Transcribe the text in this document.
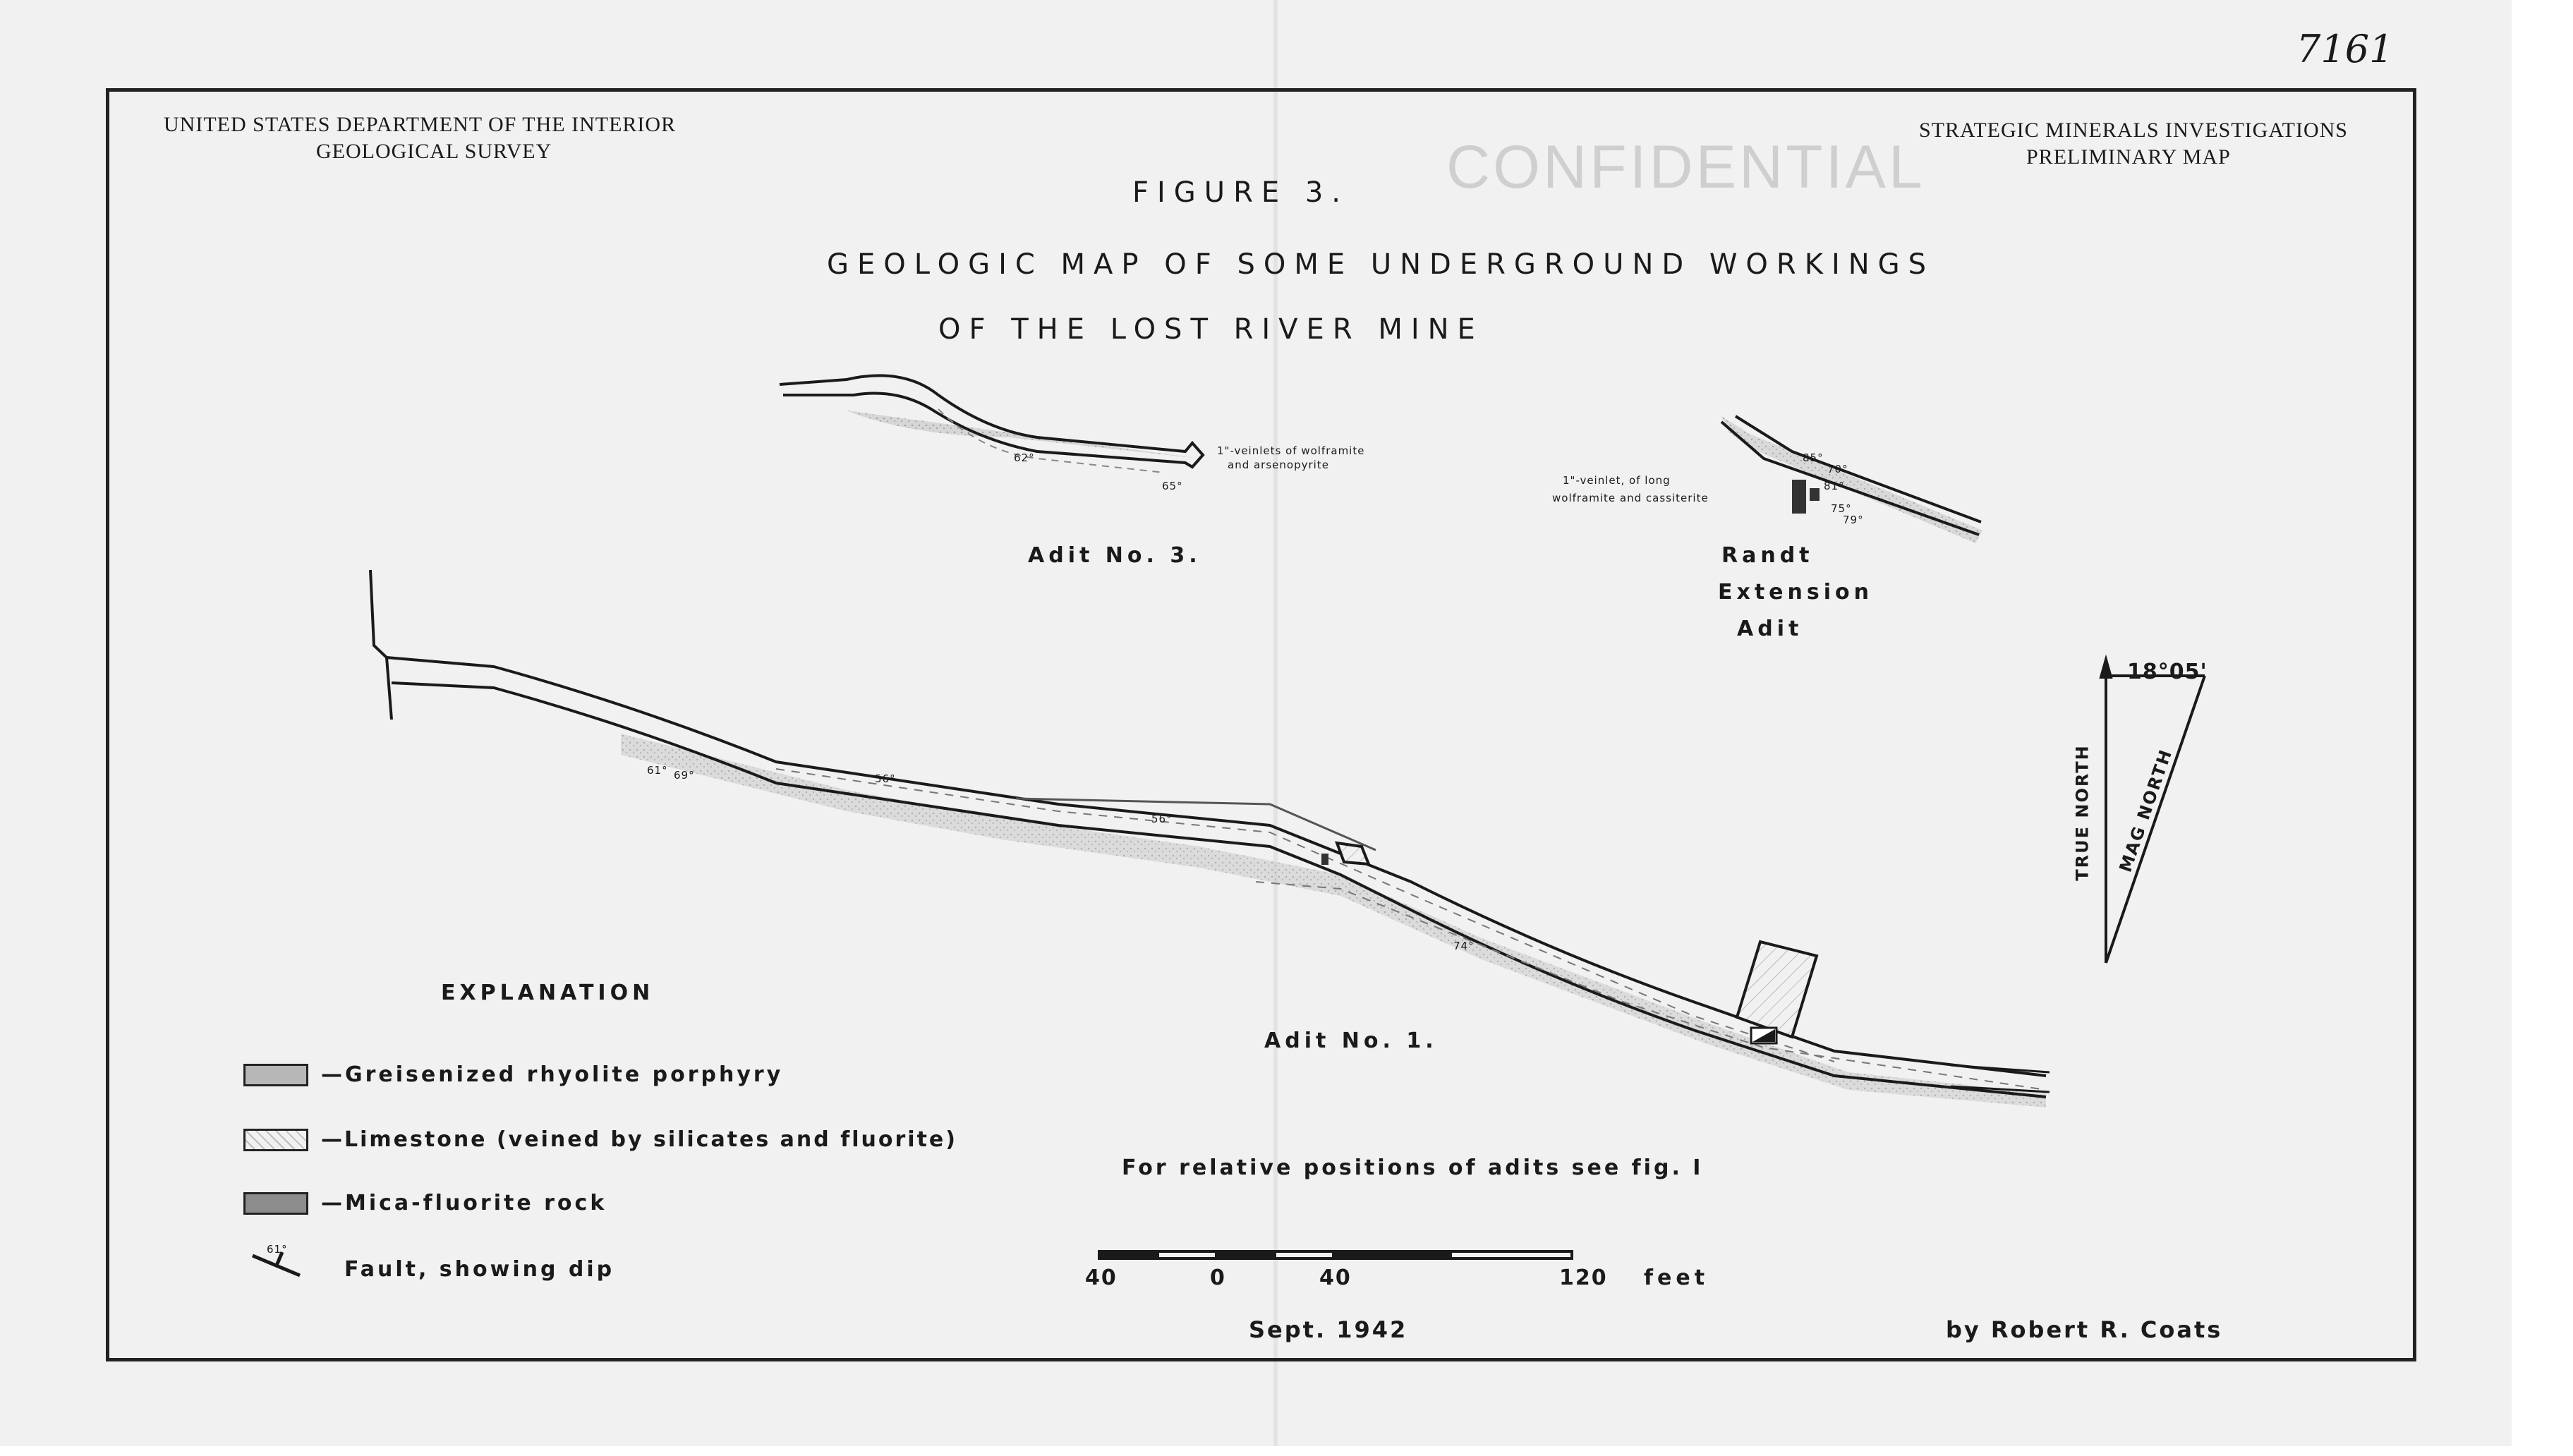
7161
UNITED STATES DEPARTMENT OF THE INTERIOR
GEOLOGICAL SURVEY
STRATEGIC MINERALS INVESTIGATIONS
PRELIMINARY MAP
CONFIDENTIAL
FIGURE 3.
GEOLOGIC MAP OF SOME UNDERGROUND WORKINGS
OF THE LOST RIVER MINE
Adit No. 3.
1"-veinlets of wolframite
and arsenopyrite
62°
65°
Randt
Extension
Adit
1"-veinlet, of long
wolframite and cassiterite
85°
70°
81°
75°
79°
Adit No. 1.
61° 69°	56°
56°
74°
18°05'
TRUE NORTH MAG NORTH
EXPLANATION
—Greisenized rhyolite porphyry
—Limestone (veined by silicates and fluorite)
—Mica-fluorite rock
61°
Fault, showing dip
For relative positions of adits see fig. I
40	0	40	120 feet
Sept. 1942	by Robert R. Coats
